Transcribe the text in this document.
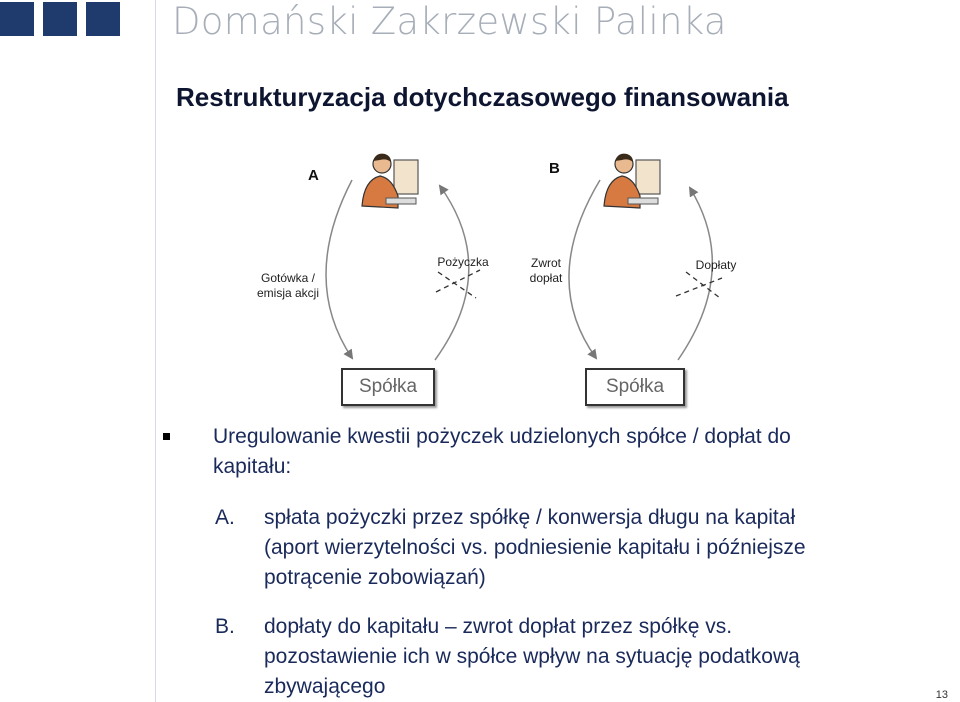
Domański Zakrzewski Palinka
Restrukturyzacja dotychczasowego finansowania
A	B
Gotówka /
emisja akcji
Pożyczka	Zwrot
dopłat
Dopłaty
Spółka	Spółka
Uregulowanie kwestii pożyczek udzielonych spółce / dopłat do
kapitału:
A. spłata pożyczki przez spółkę / konwersja długu na kapitał
(aport wierzytelności vs. podniesienie kapitału i późniejsze
potrącenie zobowiązań)
B. dopłaty do kapitału – zwrot dopłat przez spółkę vs.
pozostawienie ich w spółce wpływ na sytuację podatkową
zbywającego	13
